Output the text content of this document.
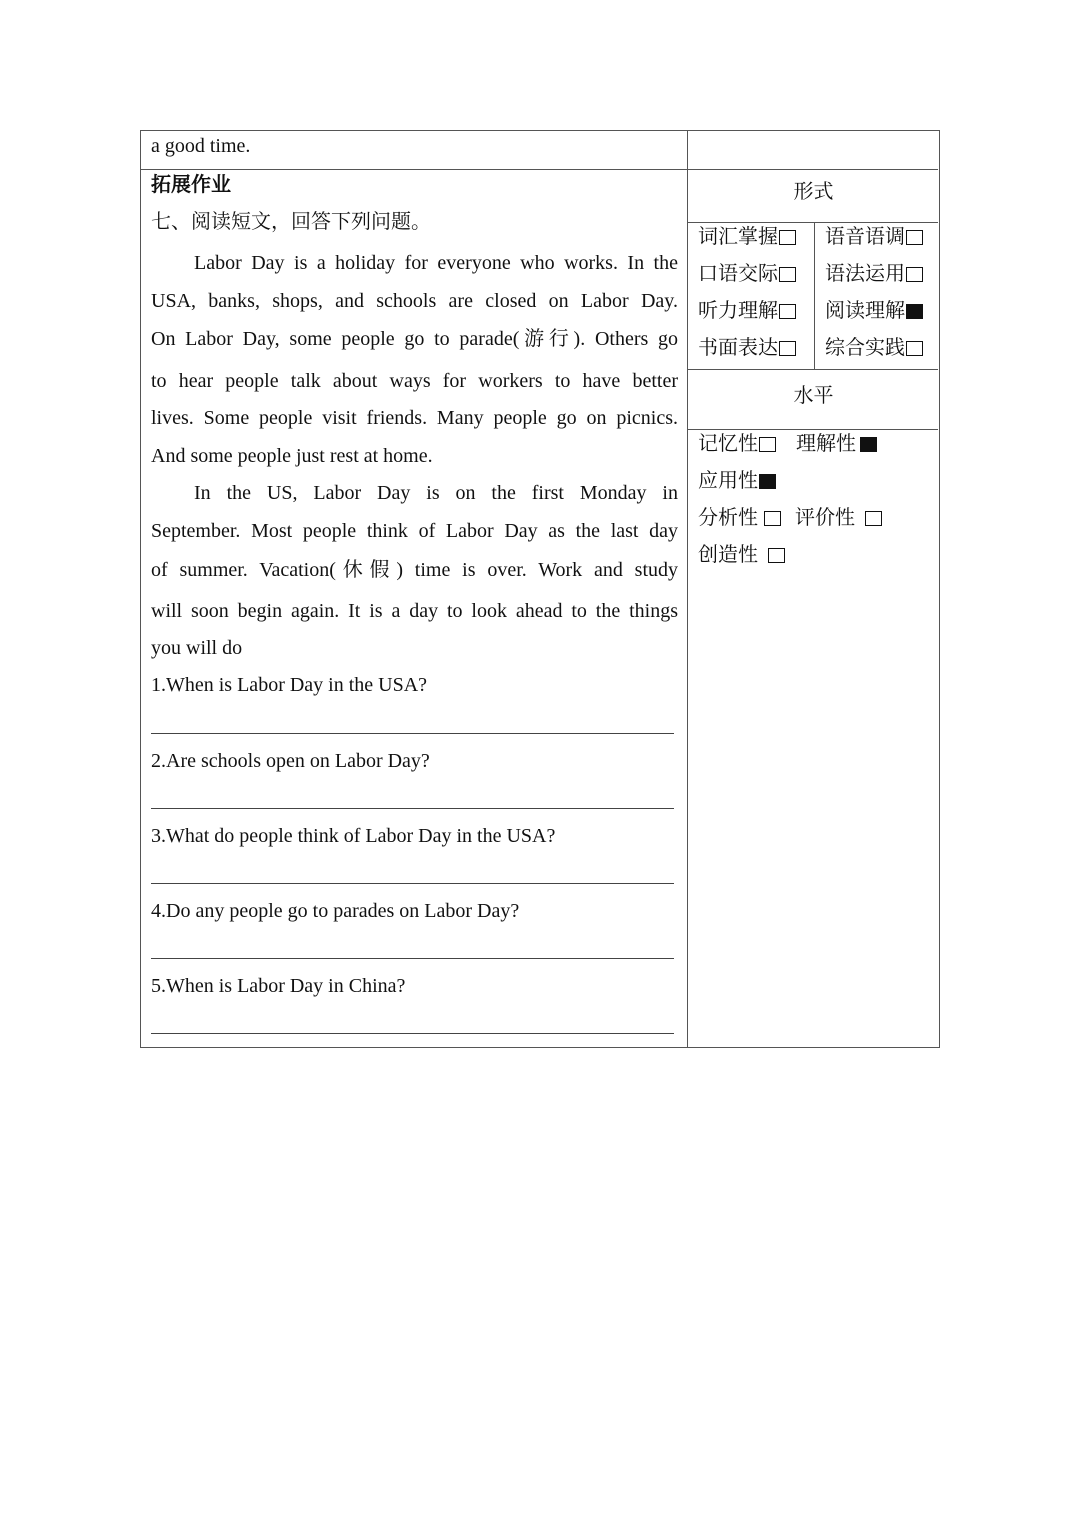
a good time.
拓展作业
七、阅读短文，回答下列问题。
Labor Day is a holiday for everyone who works. In the
USA, banks, shops, and schools are closed on Labor Day.
On Labor Day, some people go to parade(游行). Others go
to hear people talk about ways for workers to have better
lives. Some people visit friends. Many people go on picnics.
And some people just rest at home.
In the US, Labor Day is on the first Monday in
September. Most people think of Labor Day as the last day
of summer. Vacation(休假) time is over. Work and study
will soon begin again. It is a day to look ahead to the things
you will do
1.When is Labor Day in the USA?
2.Are schools open on Labor Day?
3.What do people think of Labor Day in the USA?
4.Do any people go to parades on Labor Day?
5.When is Labor Day in China?
形式
词汇掌握 语音语调
口语交际 语法运用
听力理解 阅读理解
书面表达 综合实践
水平
记忆性 理解性
应用性
分析性 评价性
创造性
